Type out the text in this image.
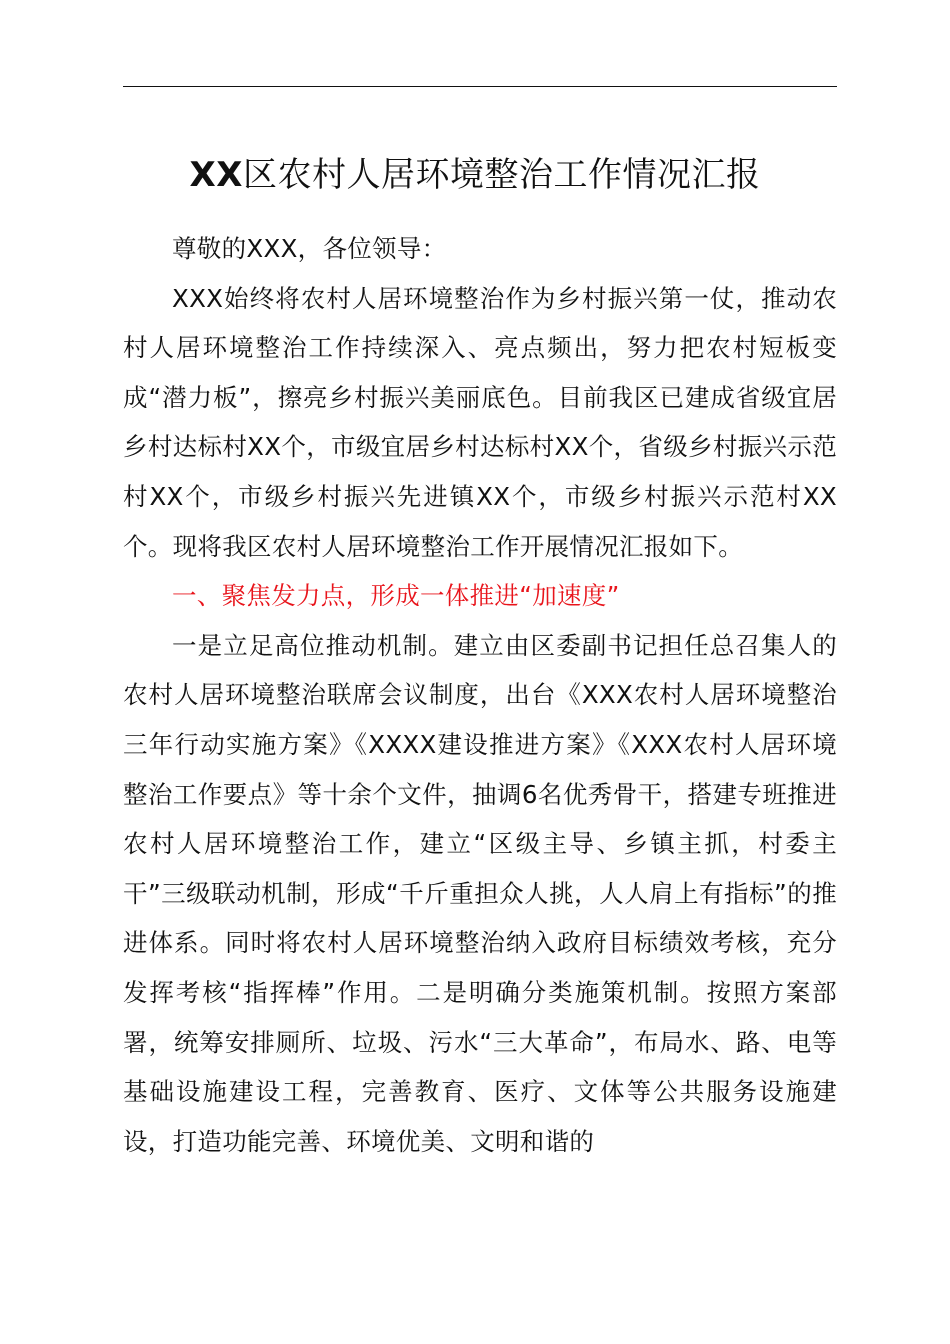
XX区农村人居环境整治工作情况汇报

尊敬的XXX，各位领导：

XXX始终将农村人居环境整治作为乡村振兴第一仗，推动农村人居环境整治工作持续深入、亮点频出，努力把农村短板变成“潜力板”，擦亮乡村振兴美丽底色。目前我区已建成省级宜居乡村达标村XX个，市级宜居乡村达标村XX个，省级乡村振兴示范村XX个，市级乡村振兴先进镇XX个，市级乡村振兴示范村XX个。现将我区农村人居环境整治工作开展情况汇报如下。

一、聚焦发力点，形成一体推进“加速度”

一是立足高位推动机制。建立由区委副书记担任总召集人的农村人居环境整治联席会议制度，出台《XXX农村人居环境整治三年行动实施方案》《XXXX建设推进方案》《XXX农村人居环境整治工作要点》等十余个文件，抽调6名优秀骨干，搭建专班推进农村人居环境整治工作，建立“区级主导、乡镇主抓，村委主干”三级联动机制，形成“千斤重担众人挑，人人肩上有指标”的推进体系。同时将农村人居环境整治纳入政府目标绩效考核，充分发挥考核“指挥棒”作用。二是明确分类施策机制。按照方案部署，统筹安排厕所、垃圾、污水“三大革命”，布局水、路、电等基础设施建设工程，完善教育、医疗、文体等公共服务设施建设，打造功能完善、环境优美、文明和谐的
